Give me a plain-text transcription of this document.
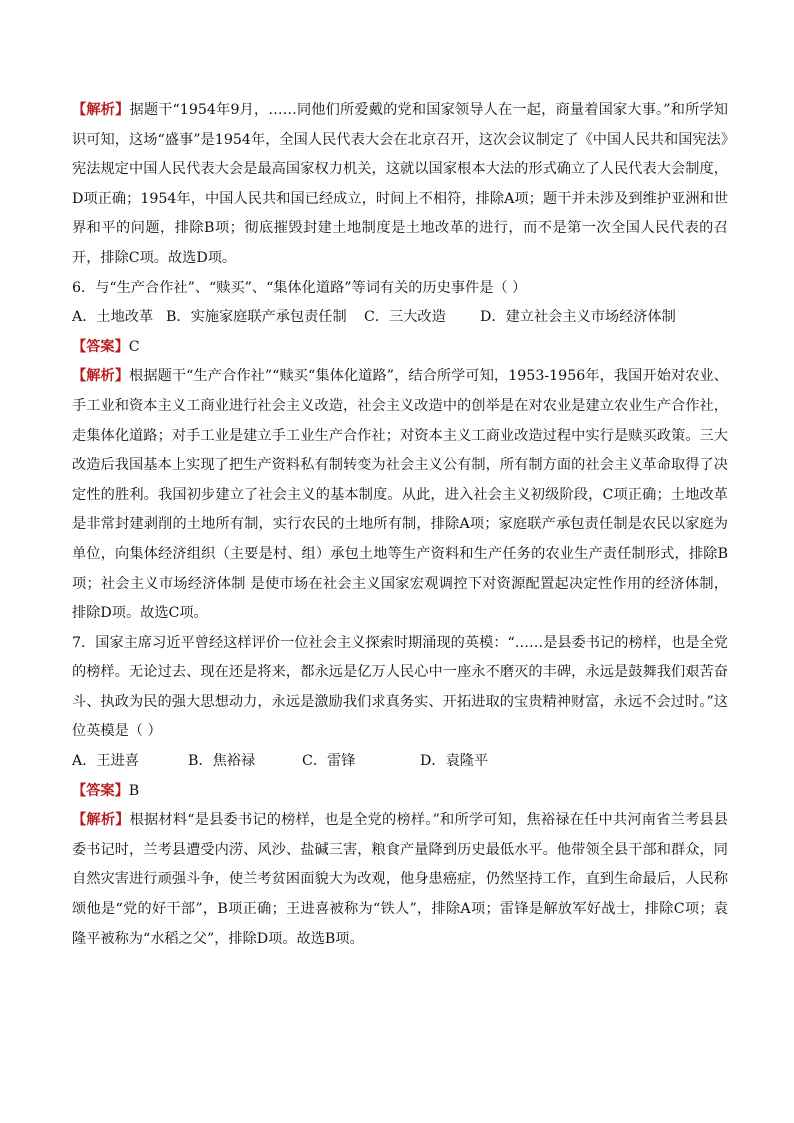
【解析】据题干“1954年9月，……同他们所爱戴的党和国家领导人在一起，商量着国家大事。”和所学知识可知，这场“盛事”是1954年，全国人民代表大会在北京召开，这次会议制定了《中国人民共和国宪法》宪法规定中国人民代表大会是最高国家权力机关，这就以国家根本大法的形式确立了人民代表大会制度，D项正确；1954年，中国人民共和国已经成立，时间上不相符，排除A项；题干并未涉及到维护亚洲和世界和平的问题，排除B项；彻底摧毁封建土地制度是土地改革的进行，而不是第一次全国人民代表的召开，排除C项。故选D项。

6．与“生产合作社”、“赎买”、“集体化道路”等词有关的历史事件是（ ）

A．土地改革 B．实施家庭联产承包责任制	C．三大改造	D．建立社会主义市场经济体制

【答案】C

【解析】根据题干“生产合作社”“赎买“集体化道路”，结合所学可知，1953-1956年，我国开始对农业、手工业和资本主义工商业进行社会主义改造，社会主义改造中的创举是在对农业是建立农业生产合作社，走集体化道路；对手工业是建立手工业生产合作社；对资本主义工商业改造过程中实行是赎买政策。三大改造后我国基本上实现了把生产资料私有制转变为社会主义公有制，所有制方面的社会主义革命取得了决定性的胜利。我国初步建立了社会主义的基本制度。从此，进入社会主义初级阶段，C项正确；土地改革是非常封建剥削的土地所有制，实行农民的土地所有制，排除A项；家庭联产承包责任制是农民以家庭为单位，向集体经济组织（主要是村、组）承包土地等生产资料和生产任务的农业生产责任制形式，排除B项；社会主义市场经济体制 是使市场在社会主义国家宏观调控下对资源配置起决定性作用的经济体制，排除D项。故选C项。

7．国家主席习近平曾经这样评价一位社会主义探索时期涌现的英模：“……是县委书记的榜样，也是全党的榜样。无论过去、现在还是将来，都永远是亿万人民心中一座永不磨灭的丰碑，永远是鼓舞我们艰苦奋斗、执政为民的强大思想动力，永远是激励我们求真务实、开拓进取的宝贵精神财富，永远不会过时。”这位英模是（ ）

A．王进喜	B．焦裕禄	C．雷锋	D．袁隆平

【答案】B

【解析】根据材料“是县委书记的榜样，也是全党的榜样。”和所学可知，焦裕禄在任中共河南省兰考县县委书记时，兰考县遭受内涝、风沙、盐碱三害，粮食产量降到历史最低水平。他带领全县干部和群众，同自然灾害进行顽强斗争，使兰考贫困面貌大为改观，他身患癌症，仍然坚持工作，直到生命最后，人民称颂他是“党的好干部”，B项正确；王进喜被称为“铁人”，排除A项；雷锋是解放军好战士，排除C项；袁隆平被称为“水稻之父”，排除D项。故选B项。
